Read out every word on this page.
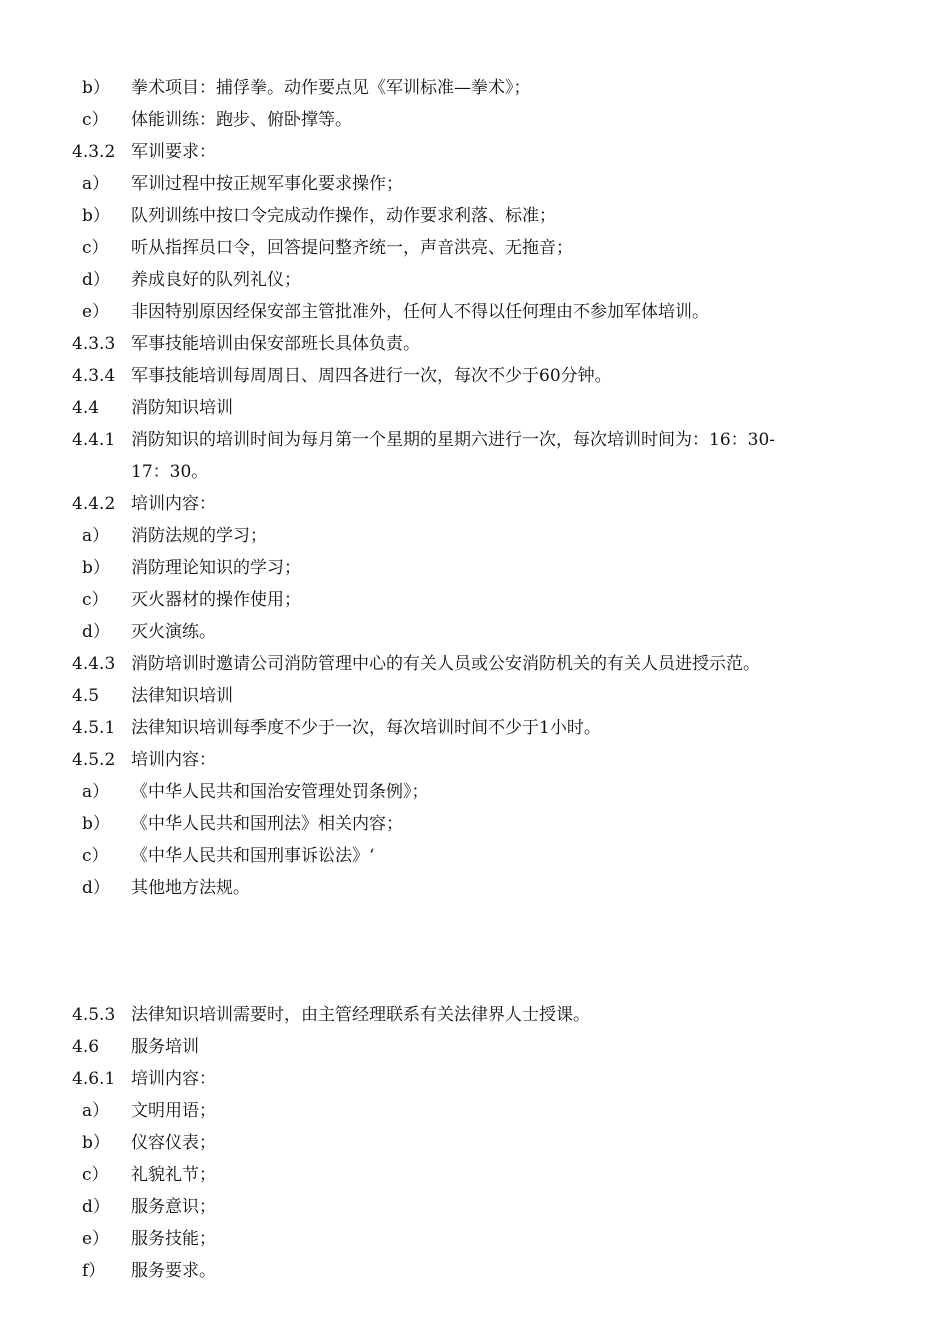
b） 拳术项目：捕俘拳。动作要点见《军训标准—拳术》；
c） 体能训练：跑步、俯卧撑等。
4.3.2 军训要求：
a） 军训过程中按正规军事化要求操作；
b） 队列训练中按口令完成动作操作，动作要求利落、标准；
c） 听从指挥员口令，回答提问整齐统一，声音洪亮、无拖音；
d） 养成良好的队列礼仪；
e） 非因特别原因经保安部主管批准外，任何人不得以任何理由不参加军体培训。
4.3.3 军事技能培训由保安部班长具体负责。
4.3.4 军事技能培训每周周日、周四各进行一次，每次不少于60分钟。
4.4 消防知识培训
4.4.1 消防知识的培训时间为每月第一个星期的星期六进行一次，每次培训时间为：16：30-
17：30。
4.4.2 培训内容：
a） 消防法规的学习；
b） 消防理论知识的学习；
c） 灭火器材的操作使用；
d） 灭火演练。
4.4.3 消防培训时邀请公司消防管理中心的有关人员或公安消防机关的有关人员进授示范。
4.5 法律知识培训
4.5.1 法律知识培训每季度不少于一次，每次培训时间不少于1小时。
4.5.2 培训内容：
a） 《中华人民共和国治安管理处罚条例》；
b） 《中华人民共和国刑法》相关内容；
c） 《中华人民共和国刑事诉讼法》‘
d） 其他地方法规。
4.5.3 法律知识培训需要时，由主管经理联系有关法律界人士授课。
4.6 服务培训
4.6.1 培训内容：
a） 文明用语；
b） 仪容仪表；
c） 礼貌礼节；
d） 服务意识；
e） 服务技能；
f） 服务要求。
